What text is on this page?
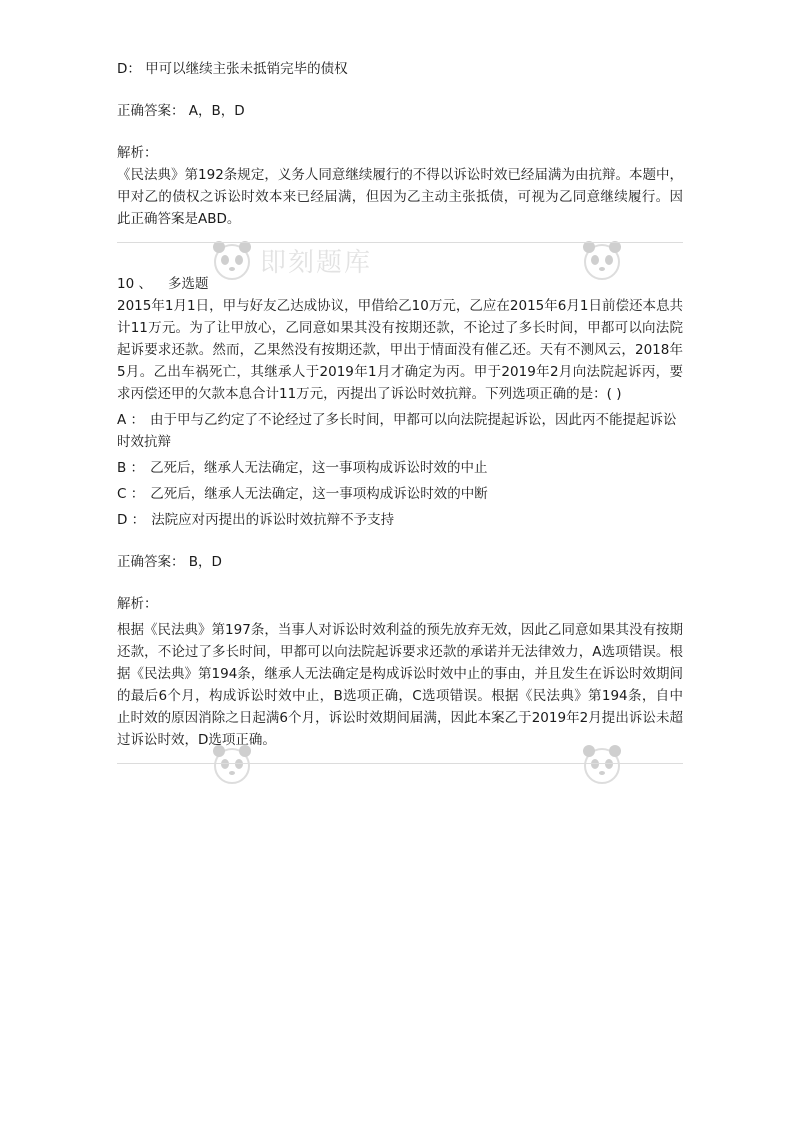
即刻题库

D： 甲可以继续主张未抵销完毕的债权

正确答案： A，B，D

解析：

《民法典》第192条规定，义务人同意继续履行的不得以诉讼时效已经届满为由抗辩。本题中，甲对乙的债权之诉讼时效本来已经届满，但因为乙主动主张抵债，可视为乙同意继续履行。因此正确答案是ABD。

10 、 多选题

2015年1月1日，甲与好友乙达成协议，甲借给乙10万元，乙应在2015年6月1日前偿还本息共计11万元。为了让甲放心，乙同意如果其没有按期还款，不论过了多长时间，甲都可以向法院起诉要求还款。然而，乙果然没有按期还款，甲出于情面没有催乙还。天有不测风云，2018年5月。乙出车祸死亡，其继承人于2019年1月才确定为丙。甲于2019年2月向法院起诉丙，要求丙偿还甲的欠款本息合计11万元，丙提出了诉讼时效抗辩。下列选项正确的是：( )

A ： 由于甲与乙约定了不论经过了多长时间，甲都可以向法院提起诉讼，因此丙不能提起诉讼时效抗辩

B ： 乙死后，继承人无法确定，这一事项构成诉讼时效的中止

C ： 乙死后，继承人无法确定，这一事项构成诉讼时效的中断

D ： 法院应对丙提出的诉讼时效抗辩不予支持

正确答案： B，D

解析：

根据《民法典》第197条，当事人对诉讼时效利益的预先放弃无效，因此乙同意如果其没有按期还款，不论过了多长时间，甲都可以向法院起诉要求还款的承诺并无法律效力，A选项错误。根据《民法典》第194条，继承人无法确定是构成诉讼时效中止的事由，并且发生在诉讼时效期间的最后6个月，构成诉讼时效中止，B选项正确，C选项错误。根据《民法典》第194条，自中止时效的原因消除之日起满6个月，诉讼时效期间届满，因此本案乙于2019年2月提出诉讼未超过诉讼时效，D选项正确。
